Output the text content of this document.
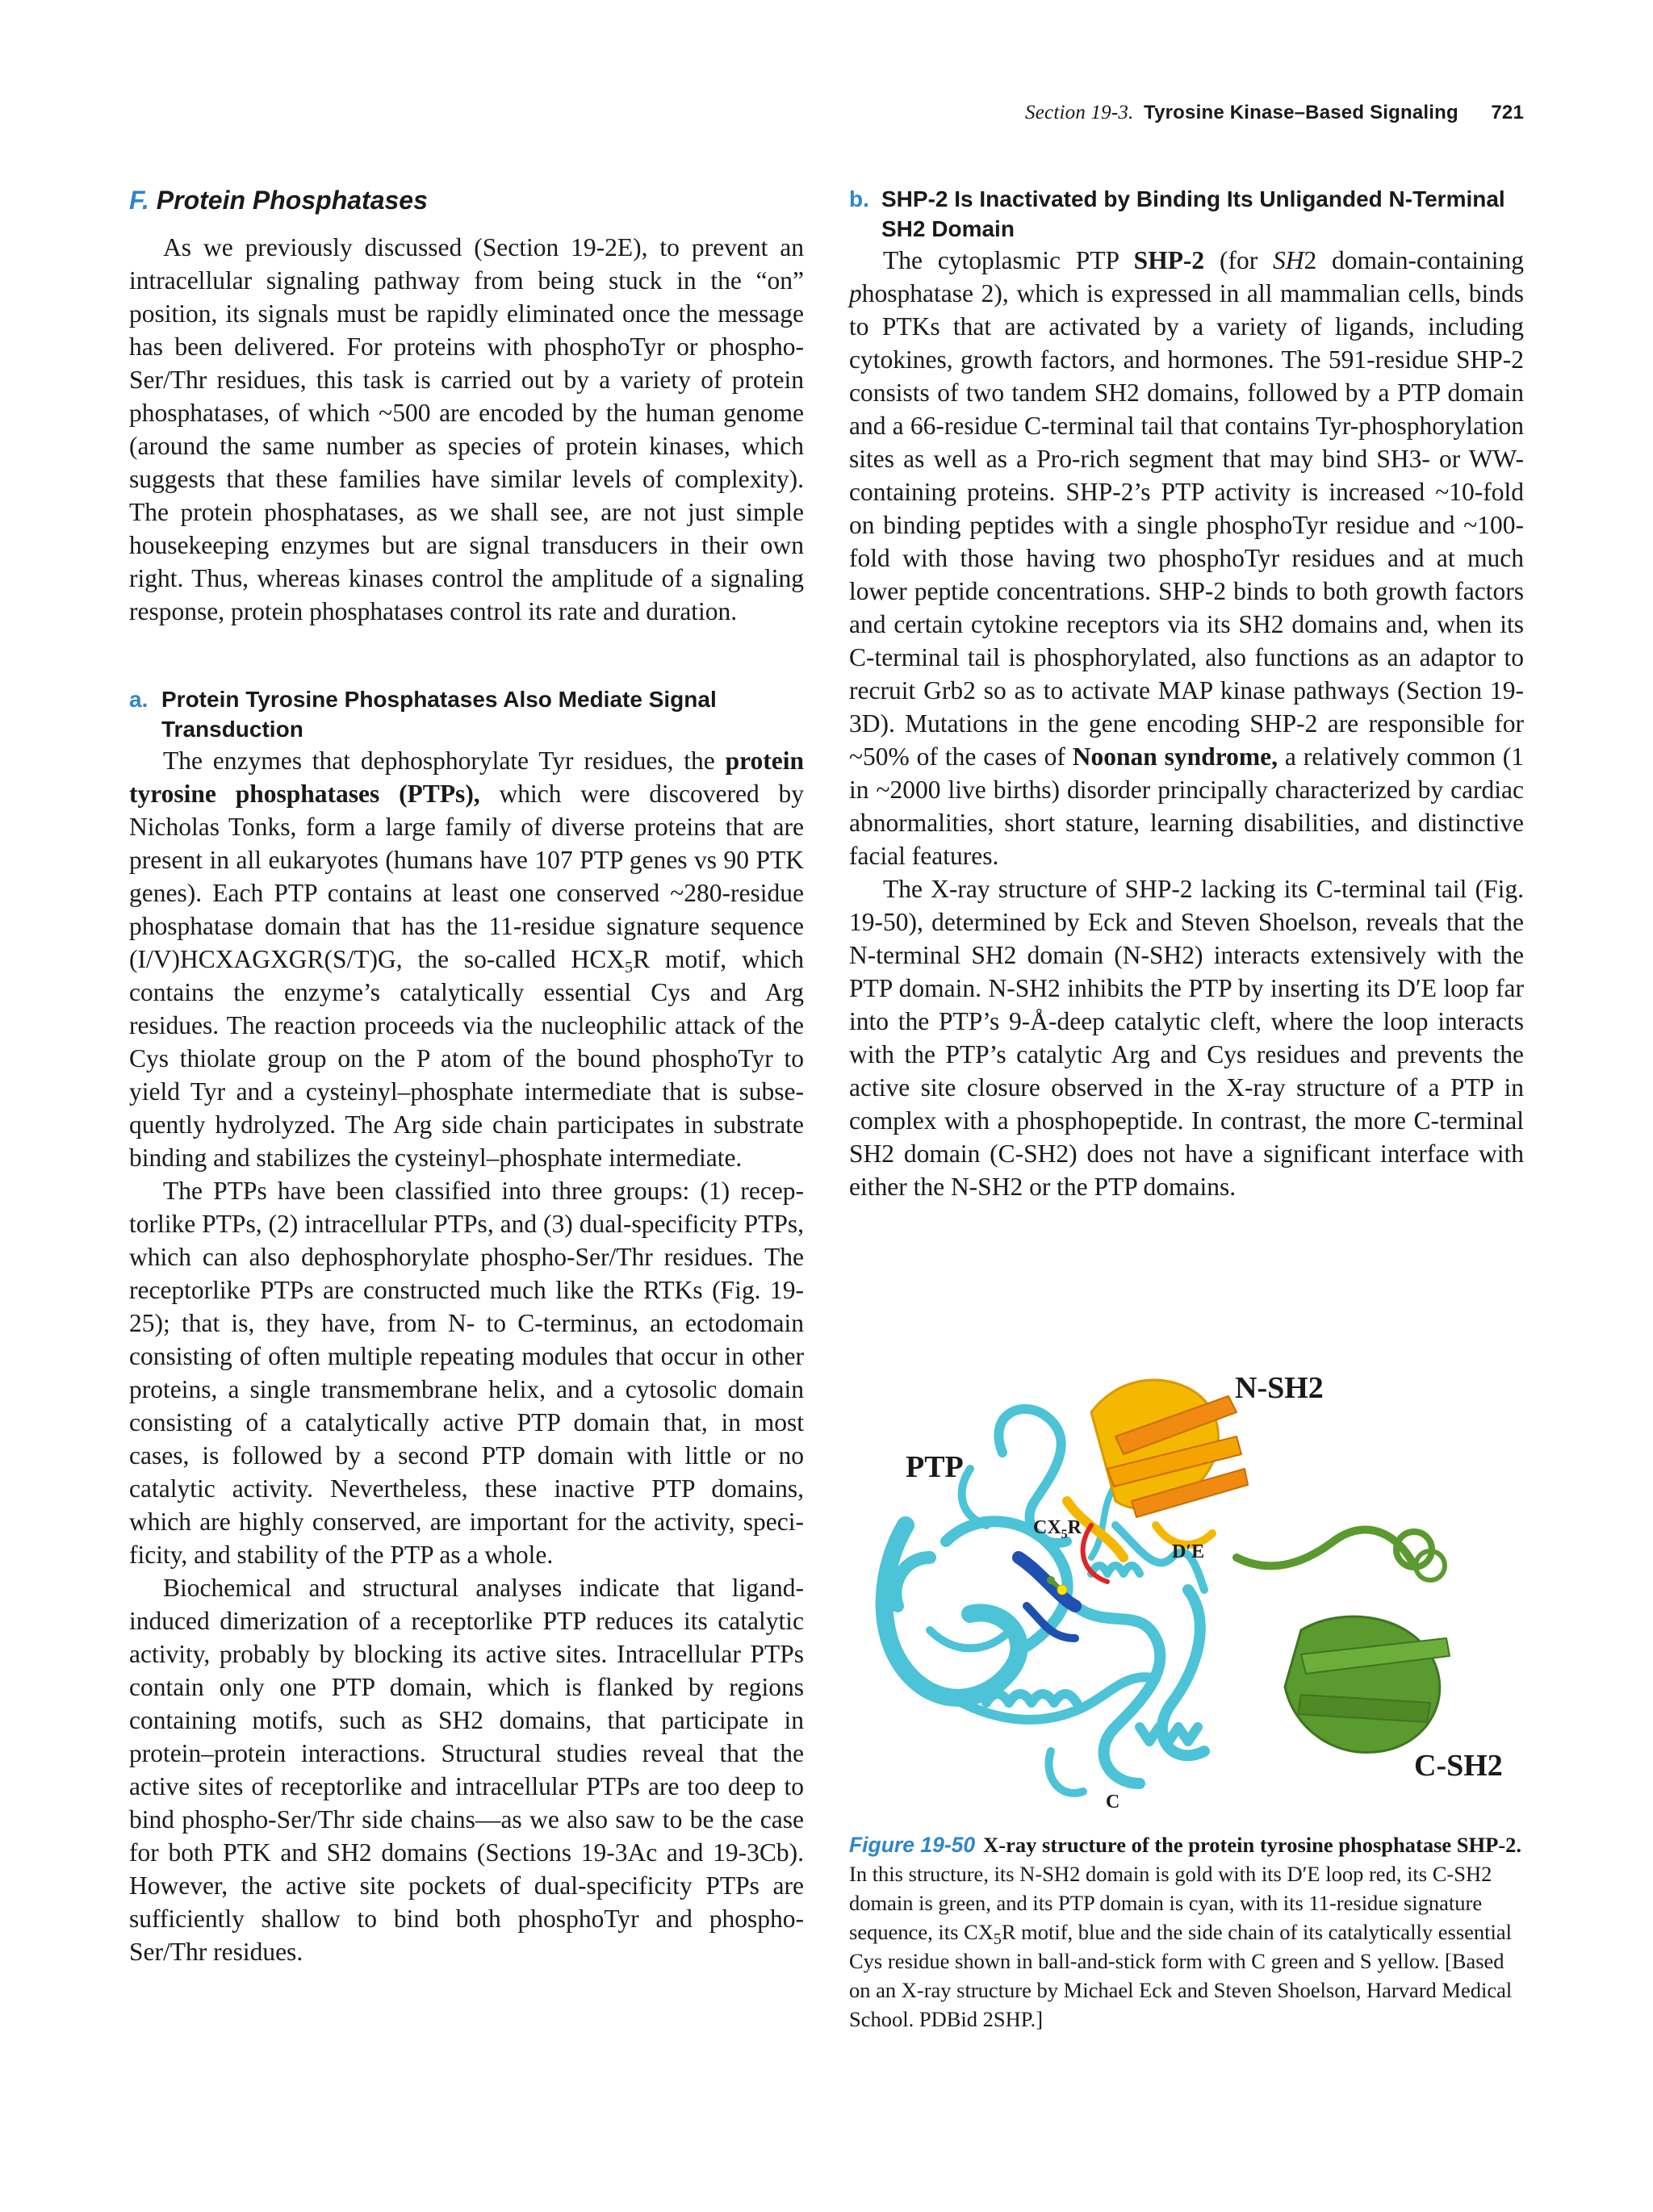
Section 19-3. Tyrosine Kinase–Based Signaling 721
F. Protein Phosphatases

As we previously discussed (Section 19-2E), to prevent an intracellular signaling pathway from being stuck in the “on” position, its signals must be rapidly eliminated once the message has been delivered. For proteins with phosphoTyr or phospho-Ser/Thr residues, this task is carried out by a variety of protein phosphatases, of which ~500 are encoded by the human genome (around the same number as species of protein kinases, which suggests that these families have similar levels of complexity). The protein phosphatases, as we shall see, are not just simple housekeeping enzymes but are signal transducers in their own right. Thus, whereas kinases control the amplitude of a signaling response, protein phosphatases control its rate and duration.

a. Protein Tyrosine Phosphatases Also Mediate Signal Transduction

The enzymes that dephosphorylate Tyr residues, the protein tyrosine phosphatases (PTPs), which were discovered by Nicholas Tonks, form a large family of diverse proteins that are present in all eukaryotes (humans have 107 PTP genes vs 90 PTK genes). Each PTP contains at least one conserved ~280-residue phosphatase domain that has the 11-residue signature sequence (I/V)HCXAGXGR(S/T)G, the so-called $HCX_5R$ motif, which contains the enzyme’s catalytically essential Cys and Arg residues. The reaction proceeds via the nucleophilic attack of the Cys thiolate group on the P atom of the bound phosphoTyr to yield Tyr and a cysteinyl–phosphate intermediate that is subsequently hydrolyzed. The Arg side chain participates in substrate binding and stabilizes the cysteinyl–phosphate intermediate.

The PTPs have been classified into three groups: (1) receptorlike PTPs, (2) intracellular PTPs, and (3) dual-specificity PTPs, which can also dephosphorylate phospho-Ser/Thr residues. The receptorlike PTPs are constructed much like the RTKs (Fig. 19-25); that is, they have, from N- to C-terminus, an ectodomain consisting of often multiple repeating modules that occur in other proteins, a single transmembrane helix, and a cytosolic domain consisting of a catalytically active PTP domain that, in most cases, is followed by a second PTP domain with little or no catalytic activity. Nevertheless, these inactive PTP domains, which are highly conserved, are important for the activity, specificity, and stability of the PTP as a whole.

Biochemical and structural analyses indicate that ligand-induced dimerization of a receptorlike PTP reduces its catalytic activity, probably by blocking its active sites. Intracellular PTPs contain only one PTP domain, which is flanked by regions containing motifs, such as SH2 domains, that participate in protein–protein interactions. Structural studies reveal that the active sites of receptorlike and intracellular PTPs are too deep to bind phospho-Ser/Thr side chains—as we also saw to be the case for both PTK and SH2 domains (Sections 19-3Ac and 19-3Cb). However, the active site pockets of dual-specificity PTPs are sufficiently shallow to bind both phosphoTyr and phospho-Ser/Thr residues.

b. SHP-2 Is Inactivated by Binding Its Unliganded N-Terminal SH2 Domain

The cytoplasmic PTP SHP-2 (for SH2 domain-containing phosphatase 2), which is expressed in all mammalian cells, binds to PTKs that are activated by a variety of ligands, including cytokines, growth factors, and hormones. The 591-residue SHP-2 consists of two tandem SH2 domains, followed by a PTP domain and a 66-residue C-terminal tail that contains Tyr-phosphorylation sites as well as a Pro-rich segment that may bind SH3- or WW-containing proteins. SHP-2’s PTP activity is increased ~10-fold on binding peptides with a single phosphoTyr residue and ~100-fold with those having two phosphoTyr residues and at much lower peptide concentrations. SHP-2 binds to both growth factors and certain cytokine receptors via its SH2 domains and, when its C-terminal tail is phosphorylated, also functions as an adaptor to recruit Grb2 so as to activate MAP kinase pathways (Section 19-3D). Mutations in the gene encoding SHP-2 are responsible for ~50% of the cases of Noonan syndrome, a relatively common (1 in ~2000 live births) disorder principally characterized by cardiac abnormalities, short stature, learning disabilities, and distinctive facial features.

The X-ray structure of SHP-2 lacking its C-terminal tail (Fig. 19-50), determined by Eck and Steven Shoelson, reveals that the N-terminal SH2 domain (N-SH2) interacts extensively with the PTP domain. N-SH2 inhibits the PTP by inserting its D′E loop far into the PTP’s 9-Å-deep catalytic cleft, where the loop interacts with the PTP’s catalytic Arg and Cys residues and prevents the active site closure observed in the X-ray structure of a PTP in complex with a phosphopeptide. In contrast, the more C-terminal SH2 domain (C-SH2) does not have a significant interface with either the N-SH2 or the PTP domains.

N-SH2
PTP
$CX_5R$
D′E
C-SH2
C
Figure 19-50 X-ray structure of the protein tyrosine phosphatase SHP-2. In this structure, its N-SH2 domain is gold with its D′E loop red, its C-SH2 domain is green, and its PTP domain is cyan, with its 11-residue signature sequence, its $CX_5R$ motif, blue and the side chain of its catalytically essential Cys residue shown in ball-and-stick form with C green and S yellow. [Based on an X-ray structure by Michael Eck and Steven Shoelson, Harvard Medical School. PDBid 2SHP.]
